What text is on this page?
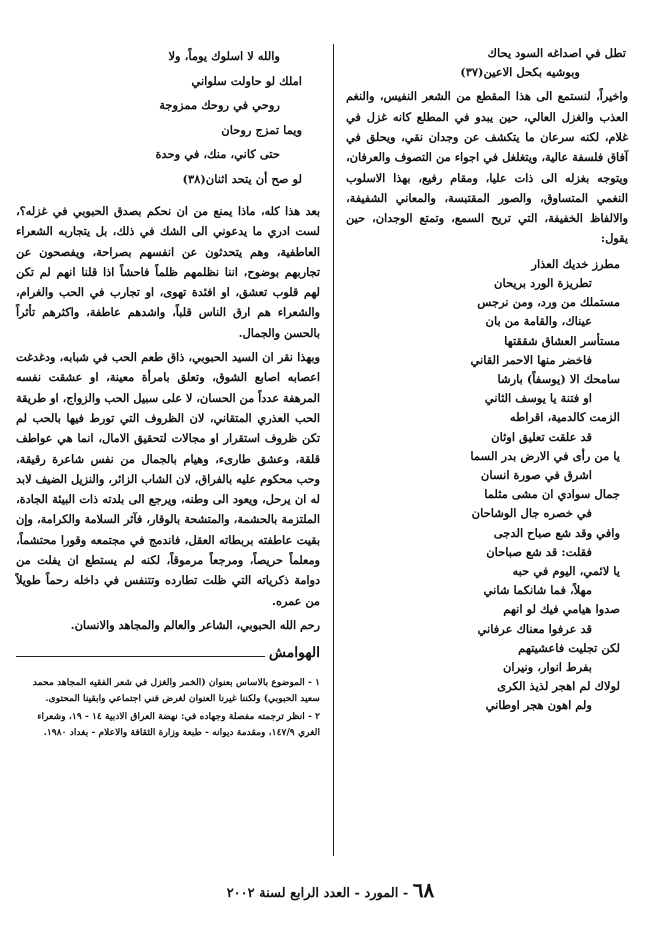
تطل في اصداغه السود يحاك
وبوشيه بكحل الاعين(٣٧)
واخيراً، لنستمع الى هذا المقطع من الشعر النفيس، والنغم العذب والغزل العالي، حين يبدو في المطلع كانه غزل في غلام، لكنه سرعان ما يتكشف عن وجدان نقي، ويحلق في آفاق فلسفة عالية، ويتغلغل في اجواء من التصوف والعرفان، ويتوجه بغزله الى ذات عليا، ومقام رفيع، بهذا الاسلوب النغمي المتساوق، والصور المقتبسة، والمعاني الشفيفة، والالفاظ الخفيفة، التي تريح السمع، وتمتع الوجدان، حين يقول:
مطرز خديك العذار
تطريزة الورد بريحان
مستملك من ورد، ومن نرجس
عيناك، والقامة من بان
مستأسر العشاق شققتها
فاخضر منها الاحمر القاني
سامحك الا (يوسفاً) بارشا
او فتنة يا يوسف الثاني
الزمت كالدمية، اقراطه
قد علقت تعليق اوثان
يا من رأى في الارض بدر السما
اشرق في صورة انسان
جمال سوادي ان مشى مثلما
في خصره جال الوشاحان
وافي وقد شع صباح الدجى
فقلت: قد شع صباحان
يا لائمي، اليوم في حبه
مهلاً، فما شانكما شاني
صدوا هيامي فيك لو انهم
قد عرفوا معناك عرفاني
لكن تجليت فاعشيتهم
بفرط انوار، ونيران
لولاك لم اهجر لذيذ الكرى
ولم اهون هجر اوطاني
والله لا اسلوك يوماً، ولا
املك لو حاولت سلواني
روحي في روحك ممزوجة
ويما تمزج روحان
حتى كاني، منك، في وحدة
لو صح أن يتحد اثنان(٣٨)

بعد هذا كله، ماذا يمنع من ان نحكم بصدق الحبوبي في غزله؟، لست ادري ما يدعوني الى الشك في ذلك، بل يتجاربه الشعراء العاطفية، وهم يتحدثون عن انفسهم بصراحة، ويفصحون عن تجاربهم بوضوح، اننا نظلمهم ظلماً فاحشاً اذا قلنا انهم لم تكن لهم قلوب تعشق، او افئدة تهوى، او تجارب في الحب والغرام، والشعراء هم ارق الناس قلباً، واشدهم عاطفة، واكثرهم تأثراً بالحسن والجمال.

وبهذا نقر ان السيد الحبوبي، ذاق طعم الحب في شبابه، ودغدغت اعصابه اصابع الشوق، وتعلق بامرأة معينة، او عشقت نفسه المرهفة عدداً من الحسان، لا على سبيل الحب والزواج، او طريقة الحب العذري المتقاني، لان الظروف التي تورط فيها بالحب لم تكن ظروف استقرار او مجالات لتحقيق الامال، انما هي عواطف قلقة، وعشق طارىء، وهيام بالجمال من نفس شاعرة رقيقة، وحب محكوم عليه بالفراق، لان الشاب الزائر، والنزيل الضيف لابد له ان يرحل، ويعود الى وطنه، ويرجع الى بلدته ذات البيئة الجادة، الملتزمة بالحشمة، والمتشحة بالوقار، فآثر السلامة والكرامة، وإن بقيت عاطفته بربطاته العقل، فاندمج في مجتمعه وقورا محتشماً، ومعلماً حريصاً، ومرجعاً مرموقاً، لكنه لم يستطع ان يفلت من دوامة ذكرياته التي ظلت تطارده وتتنفس في داخله رحماً طويلاً من عمره.

رحم الله الحبوبي، الشاعر والعالم والمجاهد والانسان.

الهوامش

١ - الموضوع بالاساس بعنوان (الخمر والغزل في شعر الفقيه المجاهد محمد سعيد الحبوبي) ولكننا غيرنا العنوان لغرض فني اجتماعي وابقينا المحتوى.

٢ - انظر ترجمته مفصلة وجهاده في: نهضة العراق الادبية ١٤ - ١٩، وشعراء الغري ١٤٧/٩، ومقدمة ديوانه - طبعة وزارة الثقافة والاعلام - بغداد ١٩٨٠.

٦٨ - المورد - العدد الرابع لسنة ٢٠٠٢
